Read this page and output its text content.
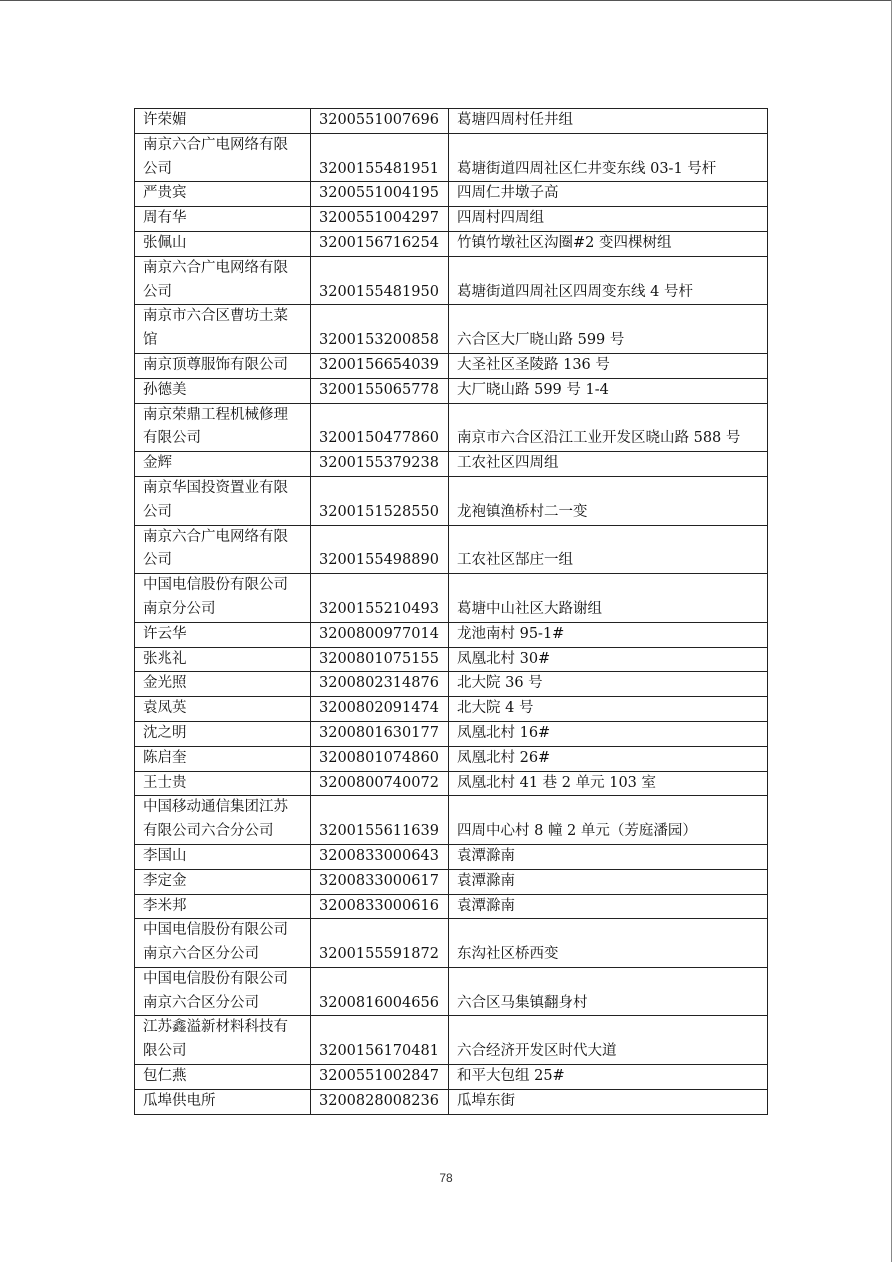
许荣媚	3200551007696	葛塘四周村任井组
南京六合广电网络有限公司	3200155481951	葛塘街道四周社区仁井变东线 03-1 号杆
严贵宾	3200551004195	四周仁井墩子高
周有华	3200551004297	四周村四周组
张佩山	3200156716254	竹镇竹墩社区沟圈#2 变四棵树组
南京六合广电网络有限公司	3200155481950	葛塘街道四周社区四周变东线 4 号杆
南京市六合区曹坊土菜馆	3200153200858	六合区大厂晓山路 599 号
南京顶尊服饰有限公司	3200156654039	大圣社区圣陵路 136 号
孙德美	3200155065778	大厂晓山路 599 号 1-4
南京荣鼎工程机械修理有限公司	3200150477860	南京市六合区沿江工业开发区晓山路 588 号
金辉	3200155379238	工农社区四周组
南京华国投资置业有限公司	3200151528550	龙袍镇渔桥村二一变
南京六合广电网络有限公司	3200155498890	工农社区郜庄一组
中国电信股份有限公司南京分公司	3200155210493	葛塘中山社区大路谢组
许云华	3200800977014	龙池南村 95-1#
张兆礼	3200801075155	凤凰北村 30#
金光照	3200802314876	北大院 36 号
袁凤英	3200802091474	北大院 4 号
沈之明	3200801630177	凤凰北村 16#
陈启奎	3200801074860	凤凰北村 26#
王士贵	3200800740072	凤凰北村 41 巷 2 单元 103 室
中国移动通信集团江苏有限公司六合分公司	3200155611639	四周中心村 8 幢 2 单元（芳庭潘园）
李国山	3200833000643	袁潭滁南
李定金	3200833000617	袁潭滁南
李米邦	3200833000616	袁潭滁南
中国电信股份有限公司南京六合区分公司	3200155591872	东沟社区桥西变
中国电信股份有限公司南京六合区分公司	3200816004656	六合区马集镇翻身村
江苏鑫溢新材料科技有限公司	3200156170481	六合经济开发区时代大道
包仁燕	3200551002847	和平大包组 25#
瓜埠供电所	3200828008236	瓜埠东街
78
